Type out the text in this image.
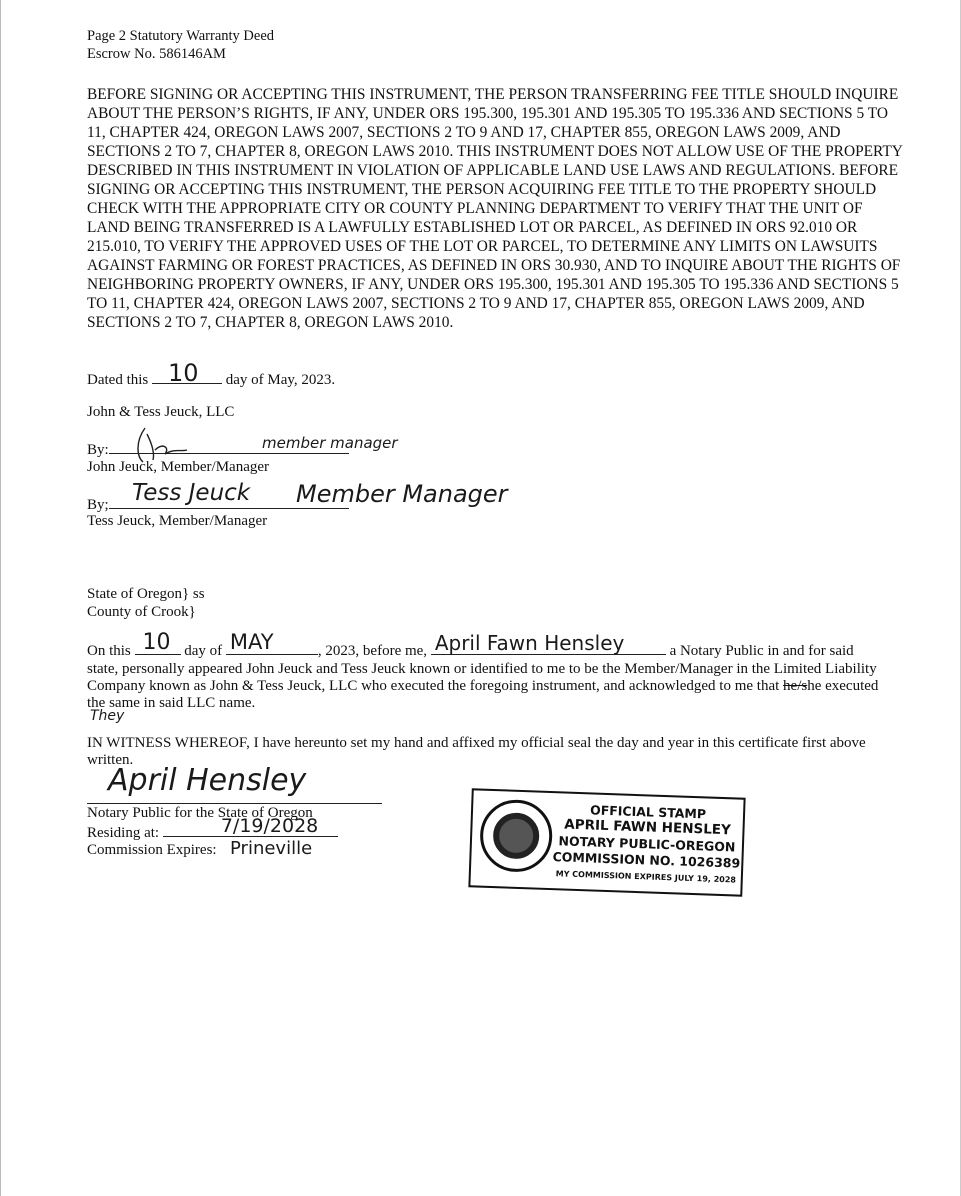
Page 2 Statutory Warranty Deed
Escrow No. 586146AM
BEFORE SIGNING OR ACCEPTING THIS INSTRUMENT, THE PERSON TRANSFERRING FEE TITLE SHOULD INQUIRE ABOUT THE PERSON’S RIGHTS, IF ANY, UNDER ORS 195.300, 195.301 AND 195.305 TO 195.336 AND SECTIONS 5 TO 11, CHAPTER 424, OREGON LAWS 2007, SECTIONS 2 TO 9 AND 17, CHAPTER 855, OREGON LAWS 2009, AND SECTIONS 2 TO 7, CHAPTER 8, OREGON LAWS 2010. THIS INSTRUMENT DOES NOT ALLOW USE OF THE PROPERTY DESCRIBED IN THIS INSTRUMENT IN VIOLATION OF APPLICABLE LAND USE LAWS AND REGULATIONS. BEFORE SIGNING OR ACCEPTING THIS INSTRUMENT, THE PERSON ACQUIRING FEE TITLE TO THE PROPERTY SHOULD CHECK WITH THE APPROPRIATE CITY OR COUNTY PLANNING DEPARTMENT TO VERIFY THAT THE UNIT OF LAND BEING TRANSFERRED IS A LAWFULLY ESTABLISHED LOT OR PARCEL, AS DEFINED IN ORS 92.010 OR 215.010, TO VERIFY THE APPROVED USES OF THE LOT OR PARCEL, TO DETERMINE ANY LIMITS ON LAWSUITS AGAINST FARMING OR FOREST PRACTICES, AS DEFINED IN ORS 30.930, AND TO INQUIRE ABOUT THE RIGHTS OF NEIGHBORING PROPERTY OWNERS, IF ANY, UNDER ORS 195.300, 195.301 AND 195.305 TO 195.336 AND SECTIONS 5 TO 11, CHAPTER 424, OREGON LAWS 2007, SECTIONS 2 TO 9 AND 17, CHAPTER 855, OREGON LAWS 2009, AND SECTIONS 2 TO 7, CHAPTER 8, OREGON LAWS 2010.
Dated this 10 day of May, 2023.
John & Tess Jeuck, LLC
By:	member manager
John Jeuck, Member/Manager
By;	Tess Jeuck Member Manager
Tess Jeuck, Member/Manager
State of Oregon} ss
County of Crook}
On this 10 day of MAY	, 2023, before me, April Fawn Hensley	a Notary Public in and for said
state, personally appeared John Jeuck and Tess Jeuck known or identified to me to be the Member/Manager in the Limited Liability Company known as John & Tess Jeuck, LLC who executed the foregoing instrument, and acknowledged to me that he/she executed the same in said LLC name.
They
IN WITNESS WHEREOF, I have hereunto set my hand and affixed my official seal the day and year in this certificate first above written.
April Hensley
Notary Public for the State of Oregon
Residing at:	7/19/2028
Commission Expires: Prineville
OFFICIAL STAMP
APRIL FAWN HENSLEY
NOTARY PUBLIC-OREGON
COMMISSION NO. 1026389
MY COMMISSION EXPIRES JULY 19, 2028
